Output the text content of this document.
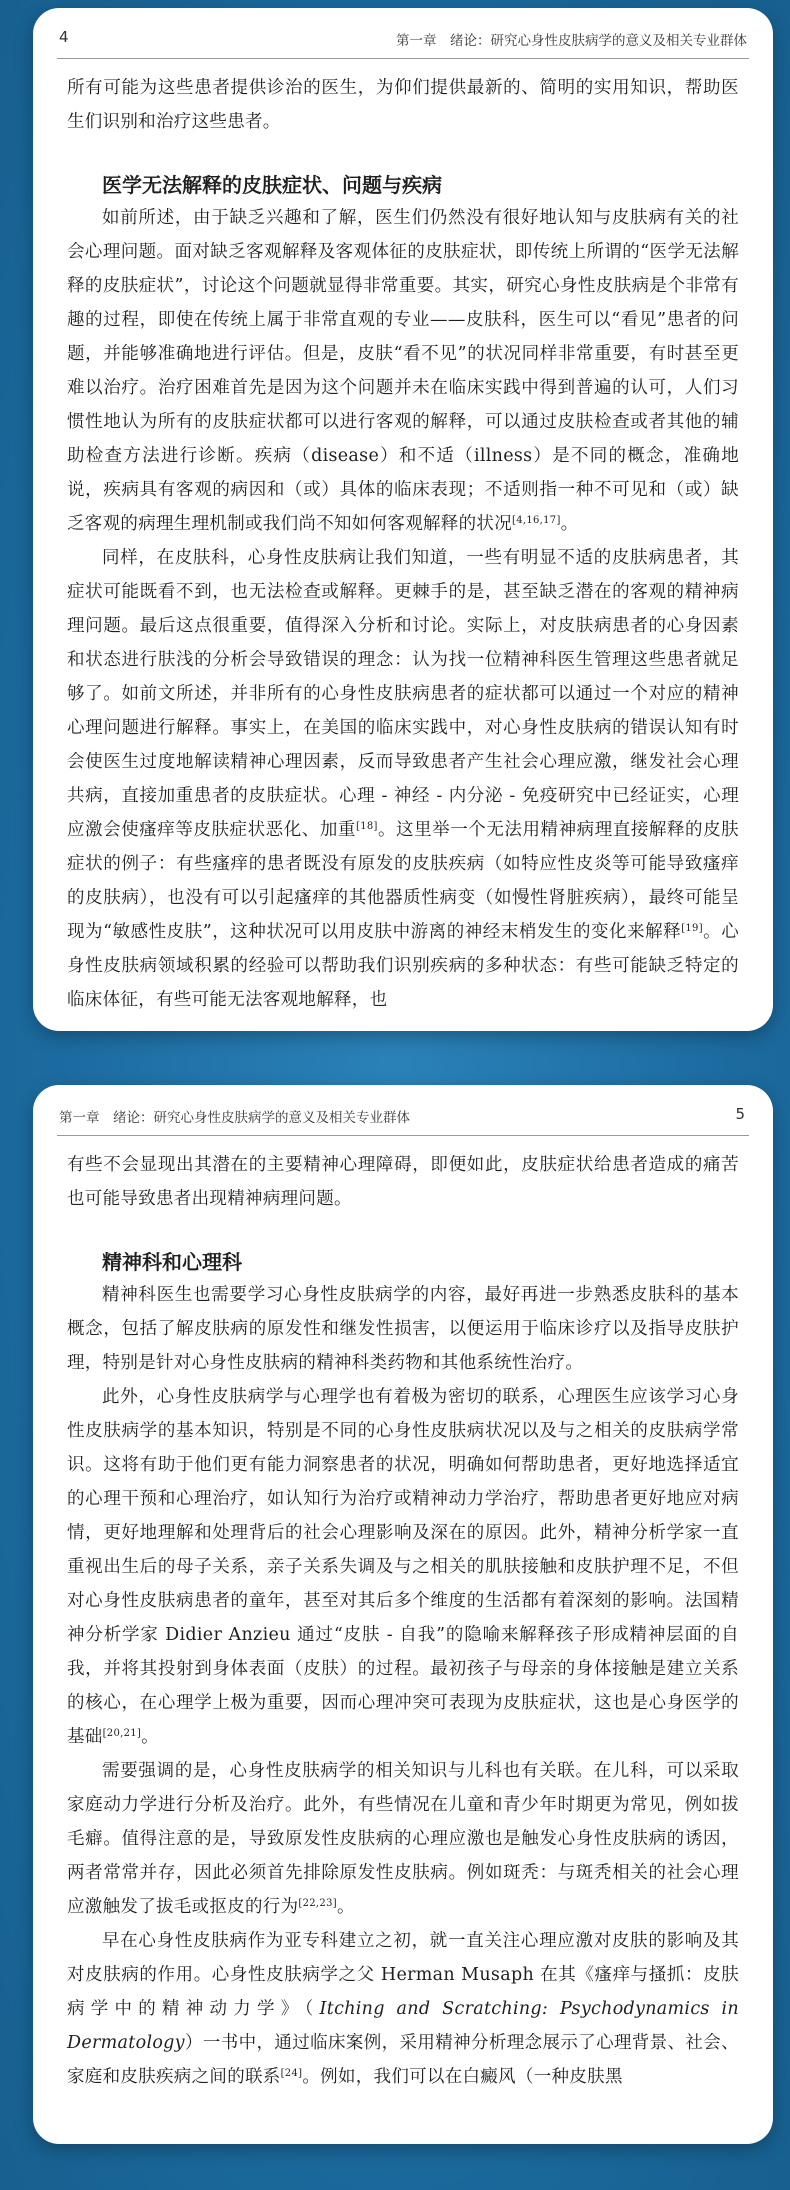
4	第一章　绪论：研究心身性皮肤病学的意义及相关专业群体

所有可能为这些患者提供诊治的医生，为仰们提供最新的、简明的实用知识，帮助医生们识别和治疗这些患者。

医学无法解释的皮肤症状、问题与疾病

如前所述，由于缺乏兴趣和了解，医生们仍然没有很好地认知与皮肤病有关的社会心理问题。面对缺乏客观解释及客观体征的皮肤症状，即传统上所谓的“医学无法解释的皮肤症状”，讨论这个问题就显得非常重要。其实，研究心身性皮肤病是个非常有趣的过程，即使在传统上属于非常直观的专业——皮肤科，医生可以“看见”患者的问题，并能够准确地进行评估。但是，皮肤“看不见”的状况同样非常重要，有时甚至更难以治疗。治疗困难首先是因为这个问题并未在临床实践中得到普遍的认可，人们习惯性地认为所有的皮肤症状都可以进行客观的解释，可以通过皮肤检查或者其他的辅助检查方法进行诊断。疾病（disease）和不适（illness）是不同的概念，准确地说，疾病具有客观的病因和（或）具体的临床表现；不适则指一种不可见和（或）缺乏客观的病理生理机制或我们尚不知如何客观解释的状况[4,16,17]。

同样，在皮肤科，心身性皮肤病让我们知道，一些有明显不适的皮肤病患者，其症状可能既看不到，也无法检查或解释。更棘手的是，甚至缺乏潜在的客观的精神病理问题。最后这点很重要，值得深入分析和讨论。实际上，对皮肤病患者的心身因素和状态进行肤浅的分析会导致错误的理念：认为找一位精神科医生管理这些患者就足够了。如前文所述，并非所有的心身性皮肤病患者的症状都可以通过一个对应的精神心理问题进行解释。事实上，在美国的临床实践中，对心身性皮肤病的错误认知有时会使医生过度地解读精神心理因素，反而导致患者产生社会心理应激，继发社会心理共病，直接加重患者的皮肤症状。心理 - 神经 - 内分泌 - 免疫研究中已经证实，心理应激会使瘙痒等皮肤症状恶化、加重[18]。这里举一个无法用精神病理直接解释的皮肤症状的例子：有些瘙痒的患者既没有原发的皮肤疾病（如特应性皮炎等可能导致瘙痒的皮肤病），也没有可以引起瘙痒的其他器质性病变（如慢性肾脏疾病），最终可能呈现为“敏感性皮肤”，这种状况可以用皮肤中游离的神经末梢发生的变化来解释[19]。心身性皮肤病领域积累的经验可以帮助我们识别疾病的多种状态：有些可能缺乏特定的临床体征，有些可能无法客观地解释，也

第一章　绪论：研究心身性皮肤病学的意义及相关专业群体	5

有些不会显现出其潜在的主要精神心理障碍，即便如此，皮肤症状给患者造成的痛苦也可能导致患者出现精神病理问题。

精神科和心理科

精神科医生也需要学习心身性皮肤病学的内容，最好再进一步熟悉皮肤科的基本概念，包括了解皮肤病的原发性和继发性损害，以便运用于临床诊疗以及指导皮肤护理，特别是针对心身性皮肤病的精神科类药物和其他系统性治疗。

此外，心身性皮肤病学与心理学也有着极为密切的联系，心理医生应该学习心身性皮肤病学的基本知识，特别是不同的心身性皮肤病状况以及与之相关的皮肤病学常识。这将有助于他们更有能力洞察患者的状况，明确如何帮助患者，更好地选择适宜的心理干预和心理治疗，如认知行为治疗或精神动力学治疗，帮助患者更好地应对病情，更好地理解和处理背后的社会心理影响及深在的原因。此外，精神分析学家一直重视出生后的母子关系，亲子关系失调及与之相关的肌肤接触和皮肤护理不足，不但对心身性皮肤病患者的童年，甚至对其后多个维度的生活都有着深刻的影响。法国精神分析学家 Didier Anzieu 通过“皮肤 - 自我”的隐喻来解释孩子形成精神层面的自我，并将其投射到身体表面（皮肤）的过程。最初孩子与母亲的身体接触是建立关系的核心，在心理学上极为重要，因而心理冲突可表现为皮肤症状，这也是心身医学的基础[20,21]。

需要强调的是，心身性皮肤病学的相关知识与儿科也有关联。在儿科，可以采取家庭动力学进行分析及治疗。此外，有些情况在儿童和青少年时期更为常见，例如拔毛癖。值得注意的是，导致原发性皮肤病的心理应激也是触发心身性皮肤病的诱因，两者常常并存，因此必须首先排除原发性皮肤病。例如斑秃：与斑秃相关的社会心理应激触发了拔毛或抠皮的行为[22,23]。

早在心身性皮肤病作为亚专科建立之初，就一直关注心理应激对皮肤的影响及其对皮肤病的作用。心身性皮肤病学之父 Herman Musaph 在其《瘙痒与搔抓：皮肤病学中的精神动力学》（Itching and Scratching: Psychodynamics in Dermatology）一书中，通过临床案例，采用精神分析理念展示了心理背景、社会、家庭和皮肤疾病之间的联系[24]。例如，我们可以在白癜风（一种皮肤黑
